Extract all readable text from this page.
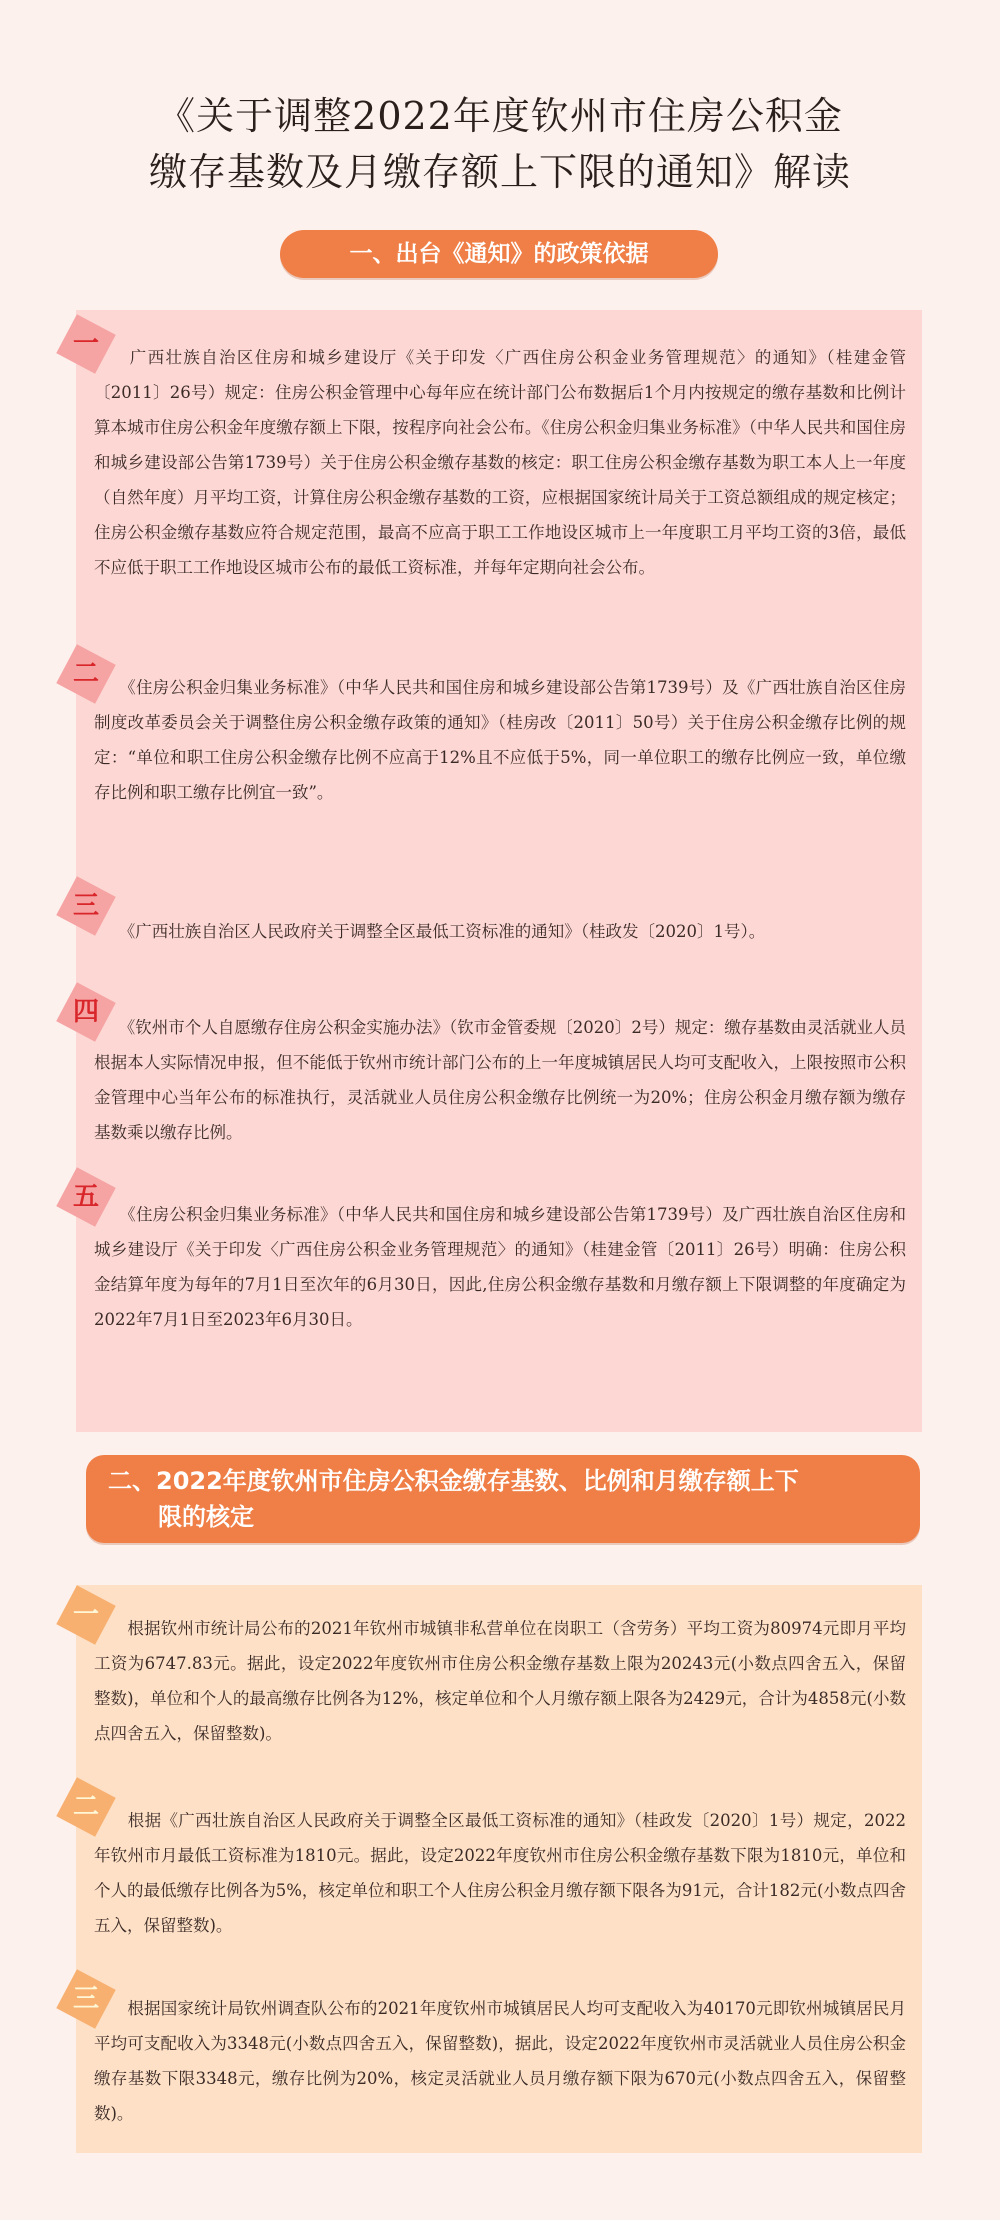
《关于调整2022年度钦州市住房公积金
缴存基数及月缴存额上下限的通知》解读
一、出台《通知》的政策依据
一
　　广西壮族自治区住房和城乡建设厅《关于印发〈广西住房公积金业务管理规范〉的通知》（桂建金管〔2011〕26号）规定：住房公积金管理中心每年应在统计部门公布数据后1个月内按规定的缴存基数和比例计算本城市住房公积金年度缴存额上下限，按程序向社会公布。《住房公积金归集业务标准》（中华人民共和国住房和城乡建设部公告第1739号）关于住房公积金缴存基数的核定：职工住房公积金缴存基数为职工本人上一年度（自然年度）月平均工资，计算住房公积金缴存基数的工资，应根据国家统计局关于工资总额组成的规定核定；住房公积金缴存基数应符合规定范围，最高不应高于职工工作地设区城市上一年度职工月平均工资的3倍，最低不应低于职工工作地设区城市公布的最低工资标准，并每年定期向社会公布。
二
　　《住房公积金归集业务标准》（中华人民共和国住房和城乡建设部公告第1739号）及《广西壮族自治区住房制度改革委员会关于调整住房公积金缴存政策的通知》（桂房改〔2011〕50号）关于住房公积金缴存比例的规定：“单位和职工住房公积金缴存比例不应高于12%且不应低于5%，同一单位职工的缴存比例应一致，单位缴存比例和职工缴存比例宜一致”。
三
　　《广西壮族自治区人民政府关于调整全区最低工资标准的通知》（桂政发〔2020〕1号）。
四
　　《钦州市个人自愿缴存住房公积金实施办法》（钦市金管委规〔2020〕2号）规定：缴存基数由灵活就业人员根据本人实际情况申报，但不能低于钦州市统计部门公布的上一年度城镇居民人均可支配收入，上限按照市公积金管理中心当年公布的标准执行，灵活就业人员住房公积金缴存比例统一为20%；住房公积金月缴存额为缴存基数乘以缴存比例。
五
　　《住房公积金归集业务标准》（中华人民共和国住房和城乡建设部公告第1739号）及广西壮族自治区住房和城乡建设厅《关于印发〈广西住房公积金业务管理规范〉的通知》（桂建金管〔2011〕26号）明确：住房公积金结算年度为每年的7月1日至次年的6月30日，因此,住房公积金缴存基数和月缴存额上下限调整的年度确定为2022年7月1日至2023年6月30日。
二、2022年度钦州市住房公积金缴存基数、比例和月缴存额上下
限的核定
一
　　根据钦州市统计局公布的2021年钦州市城镇非私营单位在岗职工（含劳务）平均工资为80974元即月平均工资为6747.83元。据此，设定2022年度钦州市住房公积金缴存基数上限为20243元(小数点四舍五入，保留整数)，单位和个人的最高缴存比例各为12%，核定单位和个人月缴存额上限各为2429元，合计为4858元(小数点四舍五入，保留整数)。
二
　　根据《广西壮族自治区人民政府关于调整全区最低工资标准的通知》（桂政发〔2020〕1号）规定，2022年钦州市月最低工资标准为1810元。据此，设定2022年度钦州市住房公积金缴存基数下限为1810元，单位和个人的最低缴存比例各为5%，核定单位和职工个人住房公积金月缴存额下限各为91元，合计182元(小数点四舍五入，保留整数)。
三
　　根据国家统计局钦州调查队公布的2021年度钦州市城镇居民人均可支配收入为40170元即钦州城镇居民月平均可支配收入为3348元(小数点四舍五入，保留整数)，据此，设定2022年度钦州市灵活就业人员住房公积金缴存基数下限3348元，缴存比例为20%，核定灵活就业人员月缴存额下限为670元(小数点四舍五入，保留整数)。
